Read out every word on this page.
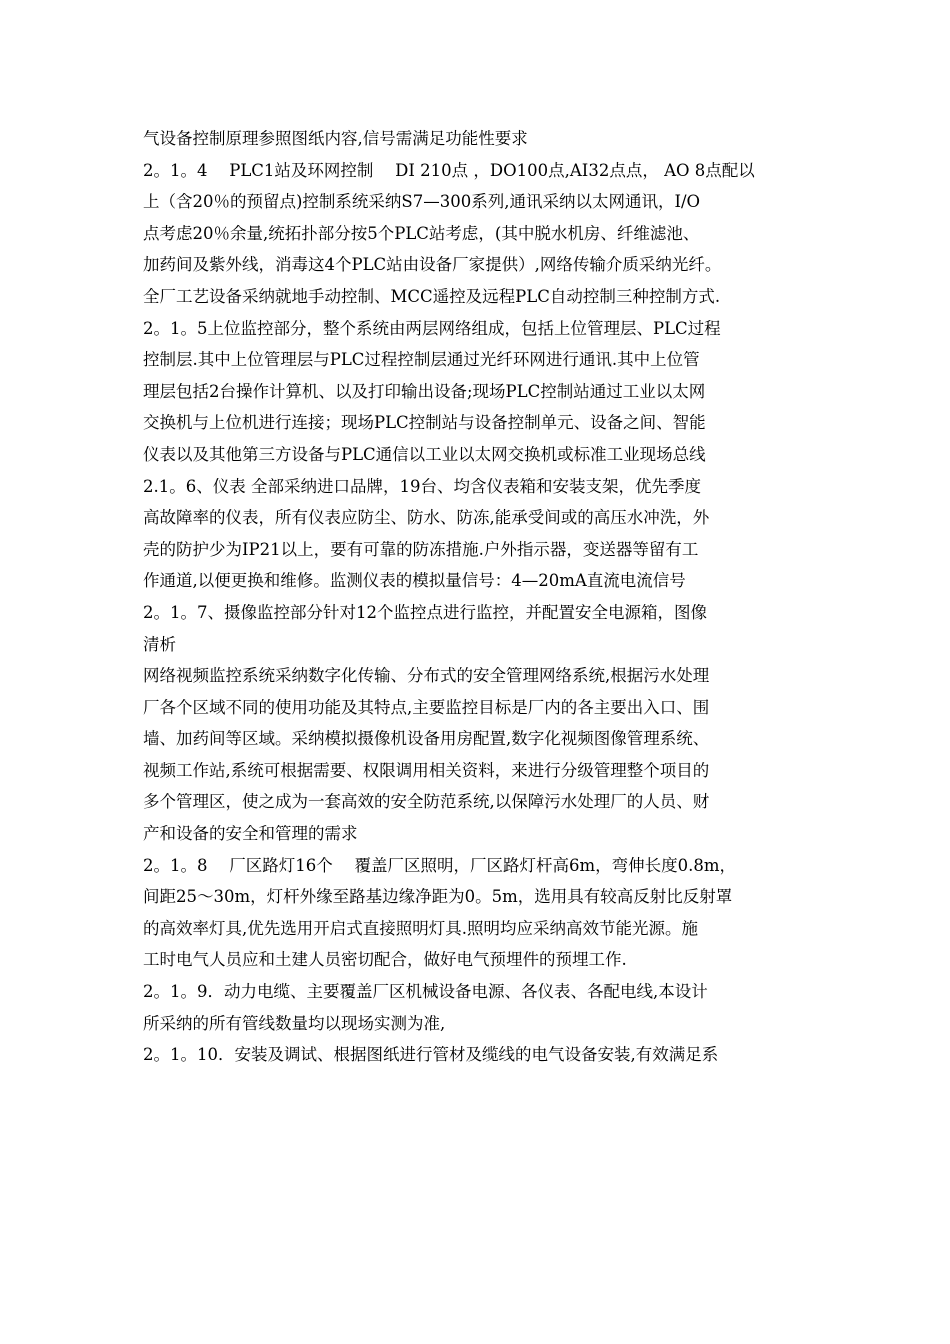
气设备控制原理参照图纸内容,信号需满足功能性要求
2。1。4　 PLC1站及环网控制　 DI 210点 ，DO100点,AI32点点， AO 8点配以
上（含20％的预留点)控制系统采纳S7—300系列,通讯采纳以太网通讯，I/O
点考虑20％余量,统拓扑部分按5个PLC站考虑，(其中脱水机房、纤维滤池、
加药间及紫外线，消毒这4个PLC站由设备厂家提供）,网络传输介质采纳光纤。
全厂工艺设备采纳就地手动控制、MCC遥控及远程PLC自动控制三种控制方式.
2。1。5上位监控部分，整个系统由两层网络组成，包括上位管理层、PLC过程
控制层.其中上位管理层与PLC过程控制层通过光纤环网进行通讯.其中上位管
理层包括2台操作计算机、以及打印输出设备;现场PLC控制站通过工业以太网
交换机与上位机进行连接；现场PLC控制站与设备控制单元、设备之间、智能
仪表以及其他第三方设备与PLC通信以工业以太网交换机或标准工业现场总线
2.1。6、仪表 全部采纳进口品牌，19台、均含仪表箱和安装支架，优先季度
高故障率的仪表，所有仪表应防尘、防水、防冻,能承受间或的高压水冲洗，外
壳的防护少为IP21以上，要有可靠的防冻措施.户外指示器，变送器等留有工
作通道,以便更换和维修。监测仪表的模拟量信号：4—20mA直流电流信号
2。1。7、摄像监控部分针对12个监控点进行监控，并配置安全电源箱，图像
清析
网络视频监控系统采纳数字化传输、分布式的安全管理网络系统,根据污水处理
厂各个区域不同的使用功能及其特点,主要监控目标是厂内的各主要出入口、围
墙、加药间等区域。采纳模拟摄像机设备用房配置,数字化视频图像管理系统、
视频工作站,系统可根据需要、权限调用相关资料，来进行分级管理整个项目的
多个管理区，使之成为一套高效的安全防范系统,以保障污水处理厂的人员、财
产和设备的安全和管理的需求
2。1。8　 厂区路灯16个　 覆盖厂区照明，厂区路灯杆高6m，弯伸长度0.8m，
间距25～30m，灯杆外缘至路基边缘净距为0。5m，选用具有较高反射比反射罩
的高效率灯具,优先选用开启式直接照明灯具.照明均应采纳高效节能光源。施
工时电气人员应和土建人员密切配合，做好电气预埋件的预埋工作.
2。1。9．动力电缆、主要覆盖厂区机械设备电源、各仪表、各配电线,本设计
所采纳的所有管线数量均以现场实测为准,
2。1。10．安装及调试、根据图纸进行管材及缆线的电气设备安装,有效满足系
